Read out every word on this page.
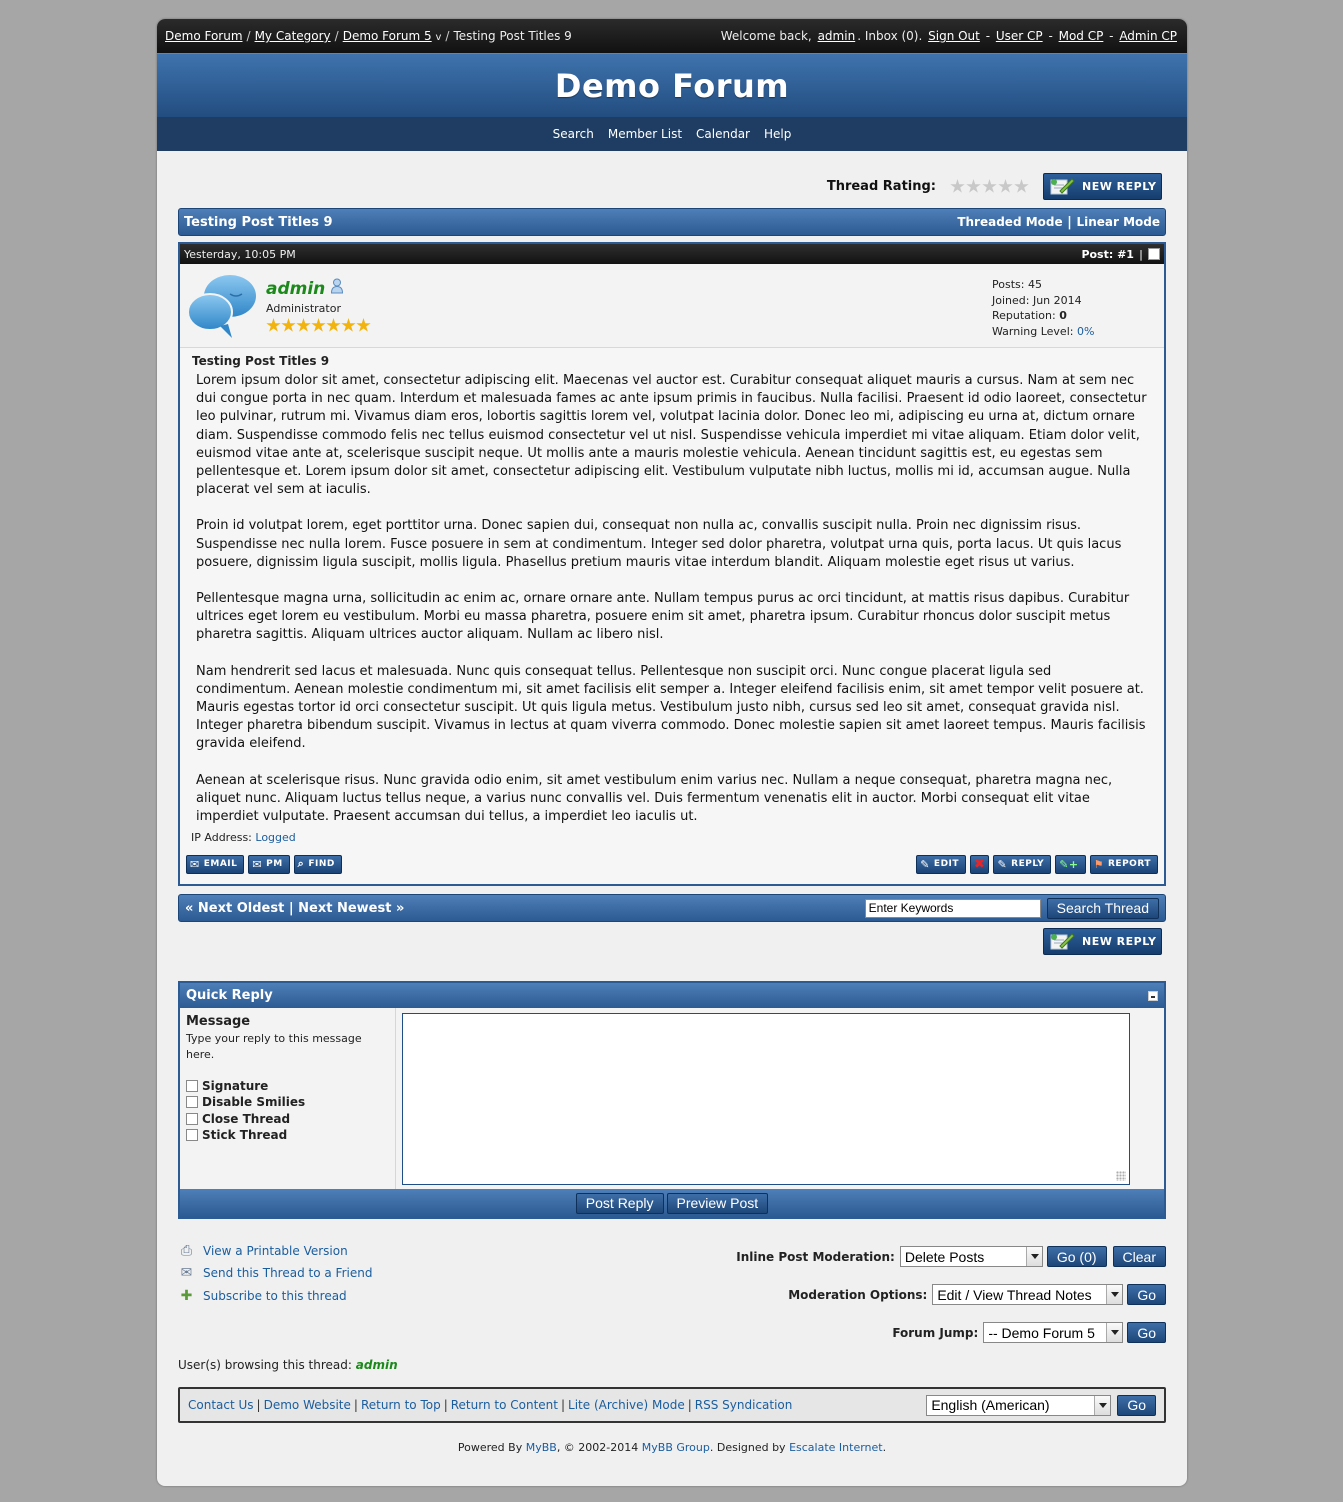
Demo Forum / My Category / Demo Forum 5 v / Testing Post Titles 9	Welcome back, admin . Inbox (0). Sign Out - User CP - Mod CP - Admin CP
Demo Forum
Search Member List Calendar Help
Thread Rating:	NEW REPLY
Testing Post Titles 9	Threaded Mode | Linear Mode
Yesterday, 10:05 PM	Post: #1 |
admin
Administrator
Posts: 45
Joined: Jun 2014
Reputation: 0
Warning Level: 0%
Testing Post Titles 9

Lorem ipsum dolor sit amet, consectetur adipiscing elit. Maecenas vel auctor est. Curabitur consequat aliquet mauris a cursus. Nam at sem nec dui congue porta in nec quam. Interdum et malesuada fames ac ante ipsum primis in faucibus. Nulla facilisi. Praesent id odio laoreet, consectetur leo pulvinar, rutrum mi. Vivamus diam eros, lobortis sagittis lorem vel, volutpat lacinia dolor. Donec leo mi, adipiscing eu urna at, dictum ornare diam. Suspendisse commodo felis nec tellus euismod consectetur vel ut nisl. Suspendisse vehicula imperdiet mi vitae aliquam. Etiam dolor velit, euismod vitae ante at, scelerisque suscipit neque. Ut mollis ante a mauris molestie vehicula. Aenean tincidunt sagittis est, eu egestas sem pellentesque et. Lorem ipsum dolor sit amet, consectetur adipiscing elit. Vestibulum vulputate nibh luctus, mollis mi id, accumsan augue. Nulla placerat vel sem at iaculis.

Proin id volutpat lorem, eget porttitor urna. Donec sapien dui, consequat non nulla ac, convallis suscipit nulla. Proin nec dignissim risus. Suspendisse nec nulla lorem. Fusce posuere in sem at condimentum. Integer sed dolor pharetra, volutpat urna quis, porta lacus. Ut quis lacus posuere, dignissim ligula suscipit, mollis ligula. Phasellus pretium mauris vitae interdum blandit. Aliquam molestie eget risus ut varius.

Pellentesque magna urna, sollicitudin ac enim ac, ornare ornare ante. Nullam tempus purus ac orci tincidunt, at mattis risus dapibus. Curabitur ultrices eget lorem eu vestibulum. Morbi eu massa pharetra, posuere enim sit amet, pharetra ipsum. Curabitur rhoncus dolor suscipit metus pharetra sagittis. Aliquam ultrices auctor aliquam. Nullam ac libero nisl.

Nam hendrerit sed lacus et malesuada. Nunc quis consequat tellus. Pellentesque non suscipit orci. Nunc congue placerat ligula sed condimentum. Aenean molestie condimentum mi, sit amet facilisis elit semper a. Integer eleifend facilisis enim, sit amet tempor velit posuere at. Mauris egestas tortor id orci consectetur suscipit. Ut quis ligula metus. Vestibulum justo nibh, cursus sed leo sit amet, consequat gravida nisl. Integer pharetra bibendum suscipit. Vivamus in lectus at quam viverra commodo. Donec molestie sapien sit amet laoreet tempus. Mauris facilisis gravida eleifend.

Aenean at scelerisque risus. Nunc gravida odio enim, sit amet vestibulum enim varius nec. Nullam a neque consequat, pharetra magna nec, aliquet nunc. Aliquam luctus tellus neque, a varius nunc convallis vel. Duis fermentum venenatis elit in auctor. Morbi consequat elit vitae imperdiet vulputate. Praesent accumsan dui tellus, a imperdiet leo iaculis ut.

IP Address: Logged
✉ EMAIL ✉ PM ⌕ FIND	✎ EDIT ✖ ✎ REPLY ✎+ ⚑ REPORT
« Next Oldest | Next Newest »
Enter Keywords	Search Thread
NEW REPLY
Quick Reply
Message
Type your reply to this message here.
Signature
Disable Smilies
Close Thread
Stick Thread
Post Reply	Preview Post
⎙ View a Printable Version
✉ Send this Thread to a Friend
✚ Subscribe to this thread
Inline Post Moderation: Delete Posts	Go (0)	Clear
Moderation Options: Edit / View Thread Notes	Go
Forum Jump: -- Demo Forum 5	Go
User(s) browsing this thread: admin
Contact Us | Demo Website | Return to Top | Return to Content | Lite (Archive) Mode | RSS Syndication	English (American)	Go
Powered By MyBB, © 2002-2014 MyBB Group. Designed by Escalate Internet.
